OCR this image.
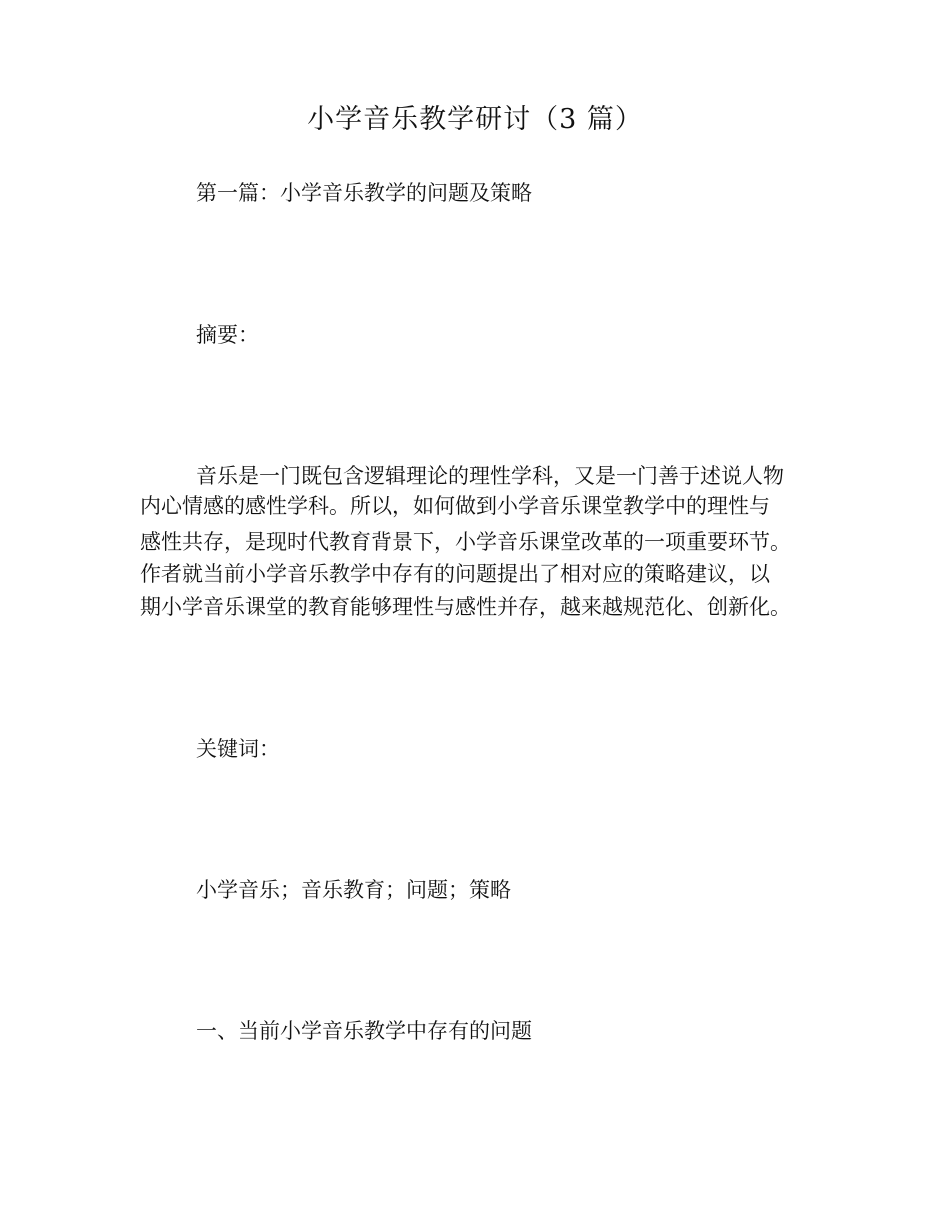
小学音乐教学研讨（3 篇）
第一篇：小学音乐教学的问题及策略
摘要：
音乐是一门既包含逻辑理论的理性学科，又是一门善于述说人物
内心情感的感性学科。所以，如何做到小学音乐课堂教学中的理性与
感性共存，是现时代教育背景下，小学音乐课堂改革的一项重要环节。
作者就当前小学音乐教学中存有的问题提出了相对应的策略建议，以
期小学音乐课堂的教育能够理性与感性并存，越来越规范化、创新化。
关键词：
小学音乐；音乐教育；问题；策略
一、当前小学音乐教学中存有的问题
